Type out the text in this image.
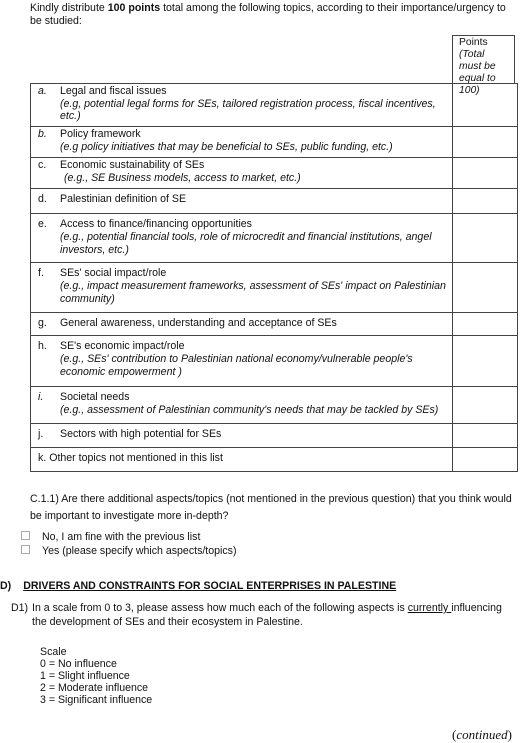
Kindly distribute 100 points total among the following topics, according to their importance/urgency to be studied:
Points
(Total must be equal to 100)
a. Legal and fiscal issues
(e.g, potential legal forms for SEs, tailored registration process, fiscal incentives, etc.)	

b. Policy framework
(e.g policy initiatives that may be beneficial to SEs, public funding, etc.)	

c. Economic sustainability of SEs
(e.g., SE Business models, access to market, etc.)	

d. Palestinian definition of SE	

e. Access to finance/financing opportunities
(e.g., potential financial tools, role of microcredit and financial institutions, angel investors, etc.)	

f. SEs' social impact/role
(e.g., impact measurement frameworks, assessment of SEs' impact on Palestinian community)	

g. General awareness, understanding and acceptance of SEs	

h. SE's economic impact/role
(e.g., SEs' contribution to Palestinian national economy/vulnerable people's economic empowerment )	

i. Societal needs
(e.g., assessment of Palestinian community's needs that may be tackled by SEs)	

j. Sectors with high potential for SEs	

k. Other topics not mentioned in this list	

C.1.1) Are there additional aspects/topics (not mentioned in the previous question) that you think would be important to investigate more in-depth?
No, I am fine with the previous list
Yes (please specify which aspects/topics)
D) DRIVERS AND CONSTRAINTS FOR SOCIAL ENTERPRISES IN PALESTINE
D1) In a scale from 0 to 3, please assess how much each of the following aspects is currently influencing the development of SEs and their ecosystem in Palestine.
Scale
0 = No influence
1 = Slight influence
2 = Moderate influence
3 = Significant influence
(continued)
